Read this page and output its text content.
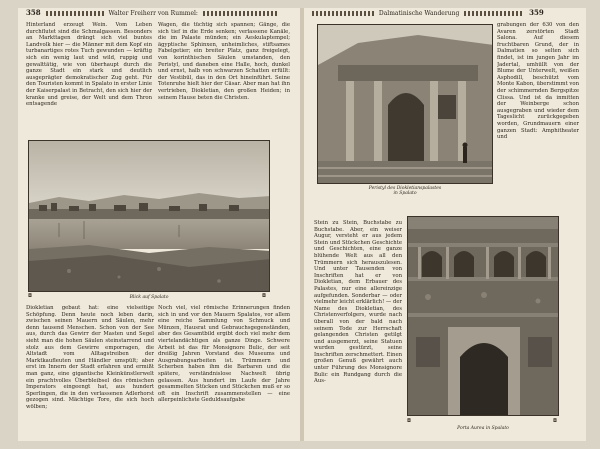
358	Walter Freiherr von Rummel:

Hinterland erzeugt Wein. Vom Leben durchflutet sind die Schmalgassen. Besonders an Markttagen drängt sich viel buntes Landvolk hier — die Männer mit dem Kopf ein turbanartiges rotes Tuch gewunden — kräftig sich ein wenig laut und wild, ruppig und gewalttätig, wie von überhaupt durch die ganze Stadt ein stark und deutlich ausgeprägter demokratischer Zug geht. Für den Touristen kommt in Spalato in erster Linie der Kaiserpalast in Betracht, den sich hier der kranke und greise, der Welt und dem Thron entsagende

Wagen, die tüchtig sich spannen; Gänge, die sich tief in die Erde senken; verlassene Kanäle, die im Palaste münden; ein Aeskulaptempel; ägyptische Sphinxen, unheimliches, stiftsames Fabelgetier; ein breiter Platz, ganz freigelegt, von korinthischen Säulen umstanden, den Peristyl, und daneben eine Halle, hoch, dunkel und ernst, halb von schwarzen Schatten erfüllt: der Vestibül, das in den Ort hineinführt. Seine Totenruhe hielt hier der Cäsar. Aber man hat ihn vertrieben, Diokletian, den großen Heiden; in seinem Hause beten die Christen.

Blick auf Spalato
◘	◘

Diokletian gebaut hat: eine vielseitige Schöpfung. Denn heute noch leben darin, zwischen seinen Mauern und Säulen, mehr denn tausend Menschen. Schon von der See aus, durch das Gewirr der Masten und Segel sieht man die hohen Säulen steinstarrend und stolz aus dem Gewirre emporragen, die Altstadt vom Alltagstreiben der Marktkaufleuten und Händler umspült; aber erst im Innern der Stadt erfahren und ermißt man ganz, eine gigantische Kleinkünstlerwelt ein prachtvolles Überbleibsel des römischen Imperators eingeengt hat, aus hundert Sperlingen, die in den verlassenen Adlerhorst gezogen sind. Mächtige Tore, die sich hoch wölben;

Noch viel, viel römische Erinnerungen finden sich in und vor den Mauern Spalatos, vor allem eine reiche Sammlung von Schmuck und Münzen, Hausrat und Gebrauchsgegenständen, aber des Gesamtbild ergibt doch viel mehr dem viertelandächtigen als ganze Dinge. Schwere Arbeit ist das für Monsignore Bulic, der seit dreißig Jahren Vorstand des Museums und Ausgrabungsarbeiten ist. Trümmern und Scherben haben ihm die Barbaren und die spätere, verständnislose Nachwelt übrig gelassen. Aus hundert im Laufe der Jahre gesammelten Stücken und Stückchen muß er so oft ein Inschrift zusammenstellen — eine allerpeinlichste Geduldsaufgabe

Dalmatinische Wanderung	359
Peristyl des Diokletianspalastes
in Spalato

grabungen der 630 von den Avaren zerstörten Stadt Salona. Auf diesem fruchtbaren Grund, der in Dalmatien so selten sich findet, ist im jungen Jahr im Jadertal, umhüllt von der Blume der Unterwelt, weißen Asphodill, beschützt vom Monte Kabon, überstimmt von der schimmernden Bergspitze Clissa. Und ist da inmitten der Weinberge schon ausgegraben und wieder dem Tageslicht zurückgegeben worden, Grundmauern einer ganzen Stadt: Amphitheater und

Stein zu Stein, Buchstabe zu Buchstabe. Aber, ein weiser Augur, versteht er aus jedem Stein und Stückchen Geschichte und Geschichten, eine ganze blühende Welt aus all den Trümmern sich herauszulesen. Und unter Tausenden von Inschriften hat er von Diokletian, dem Erbauer des Palastes, nur eine allereinzige aufgefunden. Sonderbar — oder vielmehr leicht erklärlich! — der Name des Diokletian, des Christenverfolgers, wurde nach überall von der bald nach seinem Tode zur Herrschaft gelangenden Christen getilgt und ausgemerzt, seine Statuen wurden gestürzt, seine Inschriften zerschmettert. Einen großen Genuß gewährt auch unter Führung des Monsignore Bulic ein Rundgang durch die Aus-

◘	◘
Porta Aurea in Spalato
